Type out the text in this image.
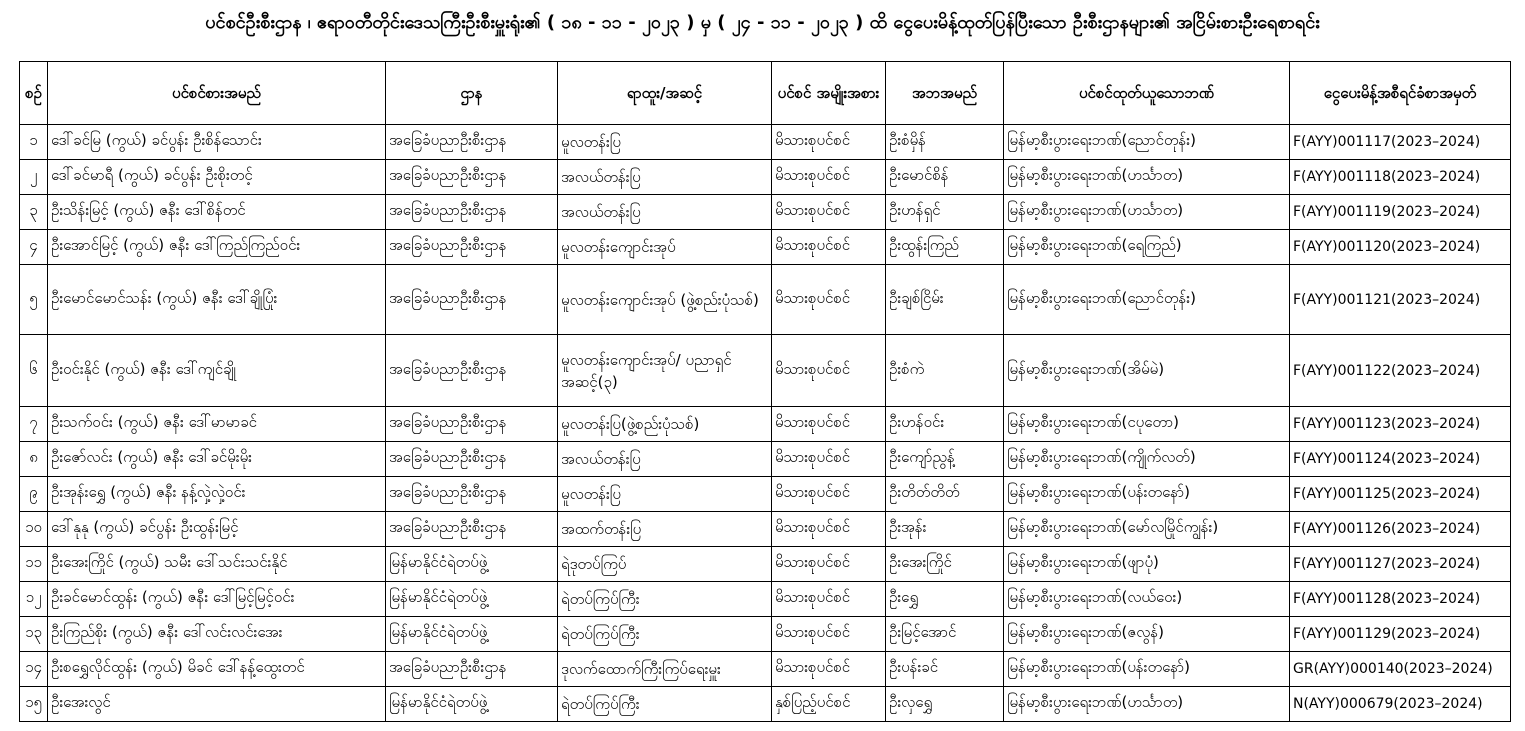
ပင်စင်ဦးစီးဌာန ၊ ဧရာဝတီတိုင်းဒေသကြီးဦးစီးမှူးရုံး၏ ( ၁၈ - ၁၁ - ၂၀၂၃ ) မှ ( ၂၄ - ၁၁ - ၂၀၂၃ ) ထိ ငွေပေးမိန့်ထုတ်ပြန်ပြီးသော ဦးစီးဌာနများ၏ အငြိမ်းစားဦးရေစာရင်း
စဉ်	ပင်စင်စားအမည်	ဌာန	ရာထူး/အဆင့်	ပင်စင် အမျိုးအစား	အဘအမည်	ပင်စင်ထုတ်ယူသောဘဏ်	ငွေပေးမိန့်အစီရင်ခံစာအမှတ်
၁	ဒေါ်ခင်မြ (ကွယ်) ခင်ပွန်း ဦးစိန်သောင်း	အခြေခံပညာဦးစီးဌာန	မူလတန်းပြ	မိသားစုပင်စင်	ဦးစံမှိန်	မြန်မာ့စီးပွားရေးဘဏ်(ညောင်တုန်း)	F(AYY)001117(2023–2024)
၂	ဒေါ်ခင်မာရီ (ကွယ်) ခင်ပွန်း ဦးစိုးတင့်	အခြေခံပညာဦးစီးဌာန	အလယ်တန်းပြ	မိသားစုပင်စင်	ဦးမောင်စိန်	မြန်မာ့စီးပွားရေးဘဏ်(ဟင်္သာတ)	F(AYY)001118(2023–2024)
၃	ဦးသိန်းမြင့် (ကွယ်) ဇနီး ဒေါ်စိန်တင်	အခြေခံပညာဦးစီးဌာန	အလယ်တန်းပြ	မိသားစုပင်စင်	ဦးဟန်ရှင်	မြန်မာ့စီးပွားရေးဘဏ်(ဟင်္သာတ)	F(AYY)001119(2023–2024)
၄	ဦးအောင်မြင့် (ကွယ်) ဇနီး ဒေါ်ကြည်ကြည်ဝင်း	အခြေခံပညာဦးစီးဌာန	မူလတန်းကျောင်းအုပ်	မိသားစုပင်စင်	ဦးထွန်းကြည်	မြန်မာ့စီးပွားရေးဘဏ်(ရေကြည်)	F(AYY)001120(2023–2024)
၅	ဦးမောင်မောင်သန်း (ကွယ်) ဇနီး ဒေါ်ချိုပြုံး	အခြေခံပညာဦးစီးဌာန	မူလတန်းကျောင်းအုပ် (ဖွဲ့စည်းပုံသစ်)	မိသားစုပင်စင်	ဦးချစ်ငြိမ်း	မြန်မာ့စီးပွားရေးဘဏ်(ညောင်တုန်း)	F(AYY)001121(2023–2024)
၆	ဦးဝင်းနိုင် (ကွယ်) ဇနီး ဒေါ်ကျင်ချို	အခြေခံပညာဦးစီးဌာန	မူလတန်းကျောင်းအုပ်/ ပညာရှင်အဆင့်(၃)	မိသားစုပင်စင်	ဦးစံကဲ	မြန်မာ့စီးပွားရေးဘဏ်(အိမ်မဲ)	F(AYY)001122(2023–2024)
၇	ဦးသက်ဝင်း (ကွယ်) ဇနီး ဒေါ်မာမာခင်	အခြေခံပညာဦးစီးဌာန	မူလတန်းပြ(ဖွဲ့စည်းပုံသစ်)	မိသားစုပင်စင်	ဦးဟန်ဝင်း	မြန်မာ့စီးပွားရေးဘဏ်(ငပုတော)	F(AYY)001123(2023–2024)
၈	ဦးဇော်လင်း (ကွယ်) ဇနီး ဒေါ်ခင်မိုးမိုး	အခြေခံပညာဦးစီးဌာန	အလယ်တန်းပြ	မိသားစုပင်စင်	ဦးကျော်ညွန့်	မြန်မာ့စီးပွားရေးဘဏ်(ကျိုက်လတ်)	F(AYY)001124(2023–2024)
၉	ဦးအုန်းရွှေ (ကွယ်) ဇနီး နန့်လှဲ့လှဲ့ဝင်း	အခြေခံပညာဦးစီးဌာန	မူလတန်းပြ	မိသားစုပင်စင်	ဦးတိတ်တိတ်	မြန်မာ့စီးပွားရေးဘဏ်(ပန်းတနော်)	F(AYY)001125(2023–2024)
၁၀	ဒေါ်နုနု (ကွယ်) ခင်ပွန်း ဦးထွန်းမြင့်	အခြေခံပညာဦးစီးဌာန	အထက်တန်းပြ	မိသားစုပင်စင်	ဦးအုန်း	မြန်မာ့စီးပွားရေးဘဏ်(မော်လမြိုင်ကျွန်း)	F(AYY)001126(2023–2024)
၁၁	ဦးအေးကြိုင် (ကွယ်) သမီး ဒေါ်သင်းသင်းနိုင်	မြန်မာနိုင်ငံရဲတပ်ဖွဲ့	ရဲဒုတပ်ကြပ်	မိသားစုပင်စင်	ဦးအေးကြိုင်	မြန်မာ့စီးပွားရေးဘဏ်(ဖျာပုံ)	F(AYY)001127(2023–2024)
၁၂	ဦးခင်မောင်ထွန်း (ကွယ်) ဇနီး ဒေါ်မြင့်မြင့်ဝင်း	မြန်မာနိုင်ငံရဲတပ်ဖွဲ့	ရဲတပ်ကြပ်ကြီး	မိသားစုပင်စင်	ဦးရွှေ	မြန်မာ့စီးပွားရေးဘဏ်(လယ်ဝေး)	F(AYY)001128(2023–2024)
၁၃	ဦးကြည်စိုး (ကွယ်) ဇနီး ဒေါ်လင်းလင်းအေး	မြန်မာနိုင်ငံရဲတပ်ဖွဲ့	ရဲတပ်ကြပ်ကြီး	မိသားစုပင်စင်	ဦးမြင့်အောင်	မြန်မာ့စီးပွားရေးဘဏ်(ဇလွန်)	F(AYY)001129(2023–2024)
၁၄	ဦးစရွှေလိုင်ထွန်း (ကွယ်) မိခင် ဒေါ်နန့်ထွေးတင်	အခြေခံပညာဦးစီးဌာန	ဒုလက်ထောက်ကြီးကြပ်ရေးမှူး	မိသားစုပင်စင်	ဦးပန်းခင်	မြန်မာ့စီးပွားရေးဘဏ်(ပန်းတနော်)	GR(AYY)000140(2023–2024)
၁၅	ဦးအေးလွင်	မြန်မာနိုင်ငံရဲတပ်ဖွဲ့	ရဲတပ်ကြပ်ကြီး	နှစ်ပြည့်ပင်စင်	ဦးလှရွှေ	မြန်မာ့စီးပွားရေးဘဏ်(ဟင်္သာတ)	N(AYY)000679(2023–2024)
